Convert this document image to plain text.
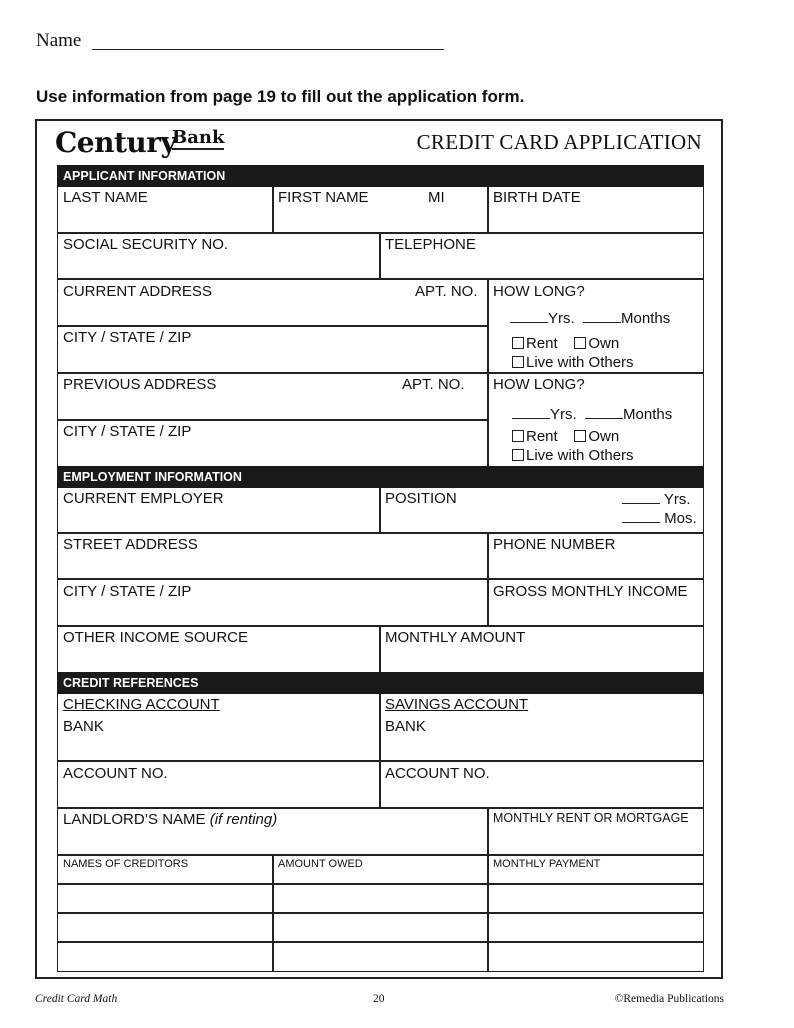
Name
Use information from page 19 to fill out the application form.
Century
Bank	CREDIT CARD APPLICATION
APPLICANT INFORMATION
EMPLOYMENT INFORMATION
CREDIT REFERENCES
LAST NAME	FIRST NAME	MI	BIRTH DATE
SOCIAL SECURITY NO.	TELEPHONE
CURRENT ADDRESS	APT. NO. HOW LONG?
Yrs.	Months
Rent Own
Live with Others
CITY / STATE / ZIP
PREVIOUS ADDRESS	APT. NO. HOW LONG?
Yrs.	Months
Rent Own
Live with Others
CITY / STATE / ZIP
CURRENT EMPLOYER	POSITION	Yrs.
Mos.
STREET ADDRESS	PHONE NUMBER
CITY / STATE / ZIP	GROSS MONTHLY INCOME
OTHER INCOME SOURCE	MONTHLY AMOUNT
CHECKING ACCOUNT	SAVINGS ACCOUNT
BANK	BANK
ACCOUNT NO.	ACCOUNT NO.
LANDLORD’S NAME (if renting)	MONTHLY RENT OR MORTGAGE
NAMES OF CREDITORS	AMOUNT OWED	MONTHLY PAYMENT
Credit Card Math	20	©Remedia Publications
